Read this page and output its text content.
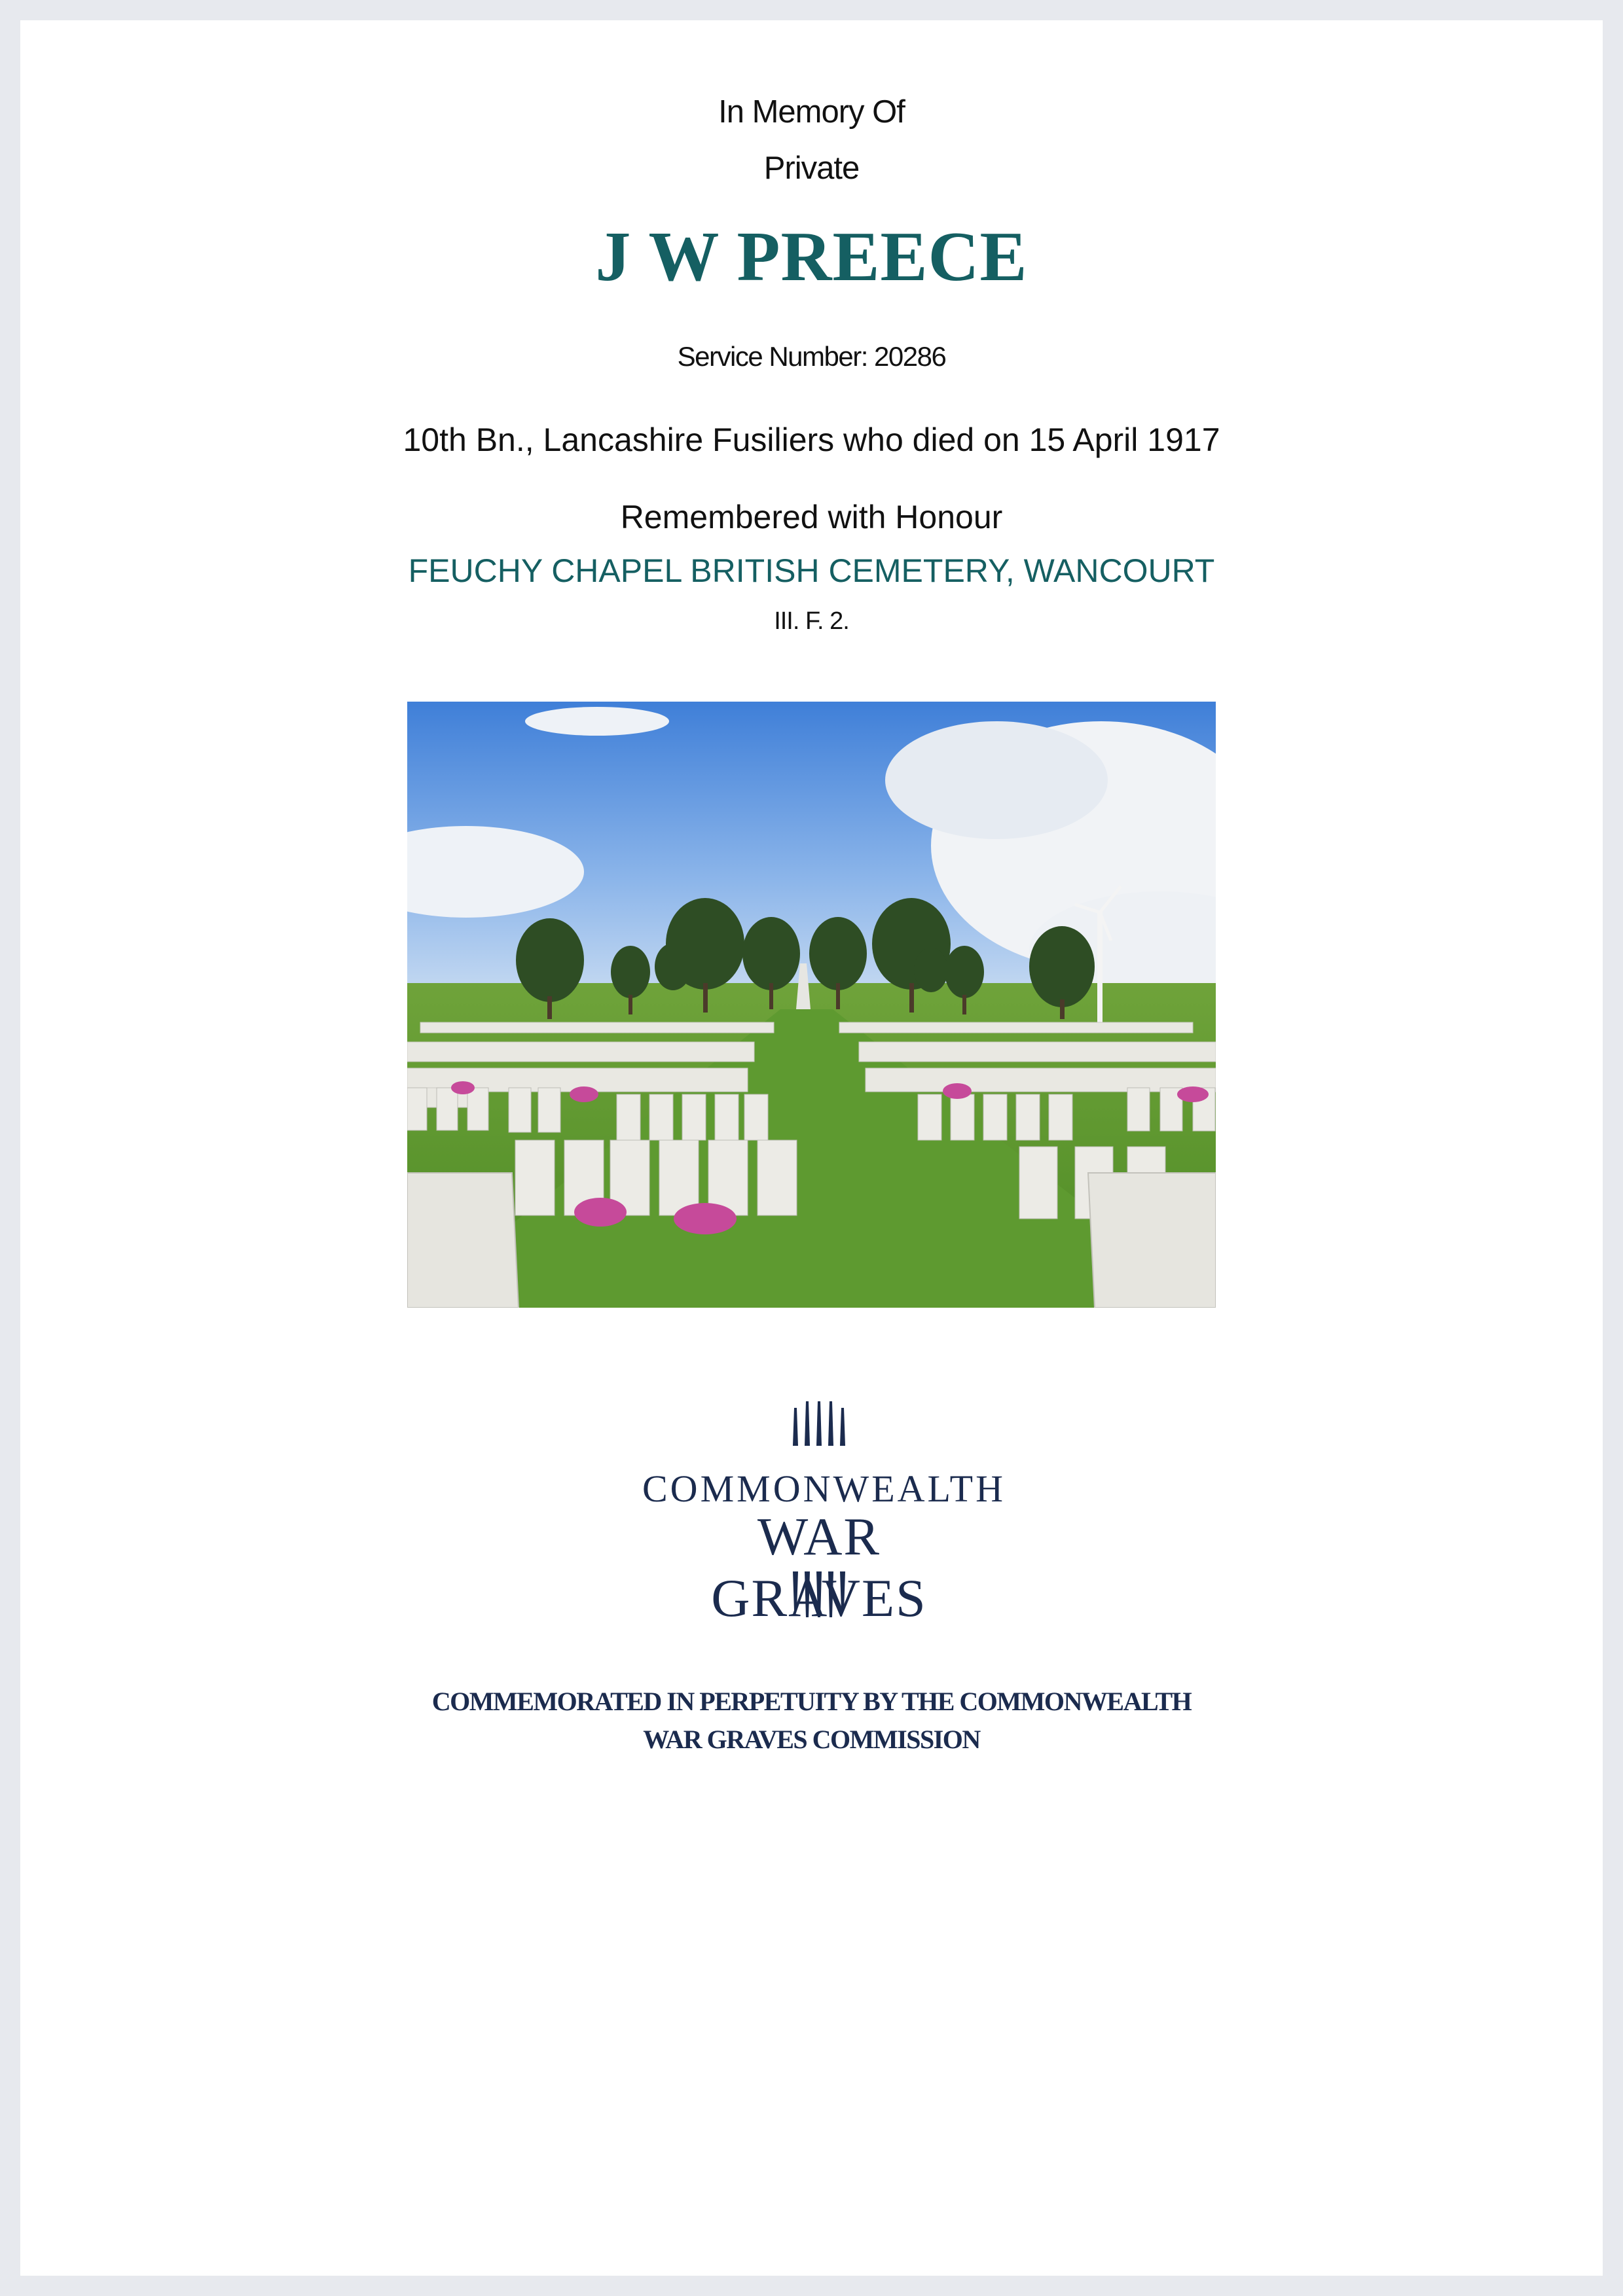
In Memory Of
Private
J W PREECE
Service Number: 20286
10th Bn., Lancashire Fusiliers who died on 15 April 1917
Remembered with Honour
FEUCHY CHAPEL BRITISH CEMETERY, WANCOURT
III. F. 2.
COMMONWEALTH
WAR GRAVES
COMMEMORATED IN PERPETUITY BY THE COMMONWEALTH
WAR GRAVES COMMISSION
